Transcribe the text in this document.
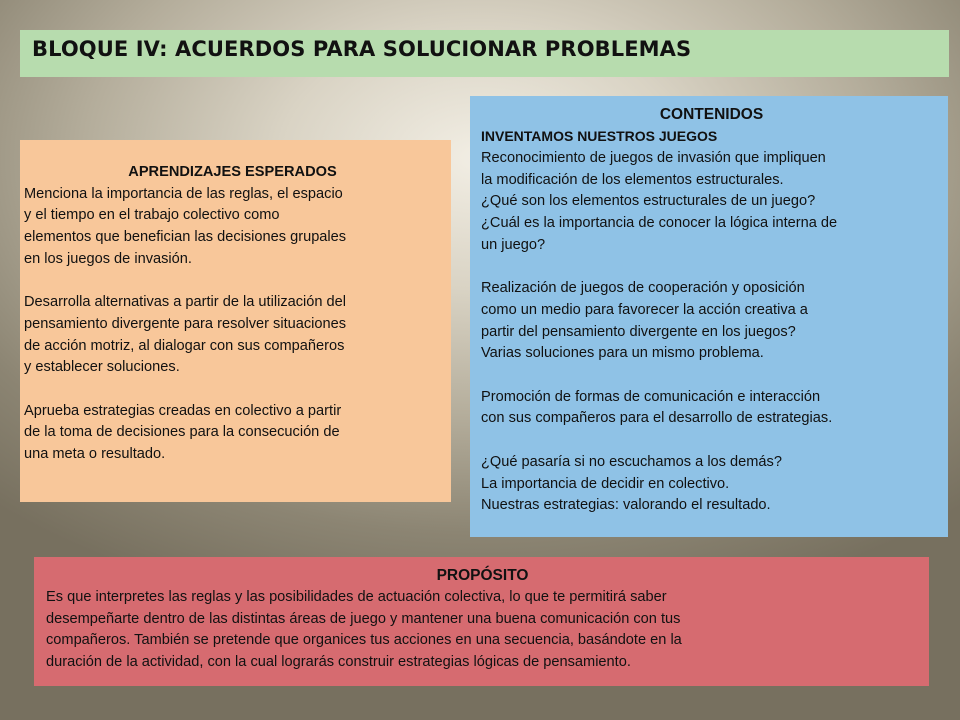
BLOQUE IV: ACUERDOS PARA SOLUCIONAR PROBLEMAS
APRENDIZAJES ESPERADOS

Menciona la importancia de las reglas, el espacio
y el tiempo en el trabajo colectivo como
elementos que benefician las decisiones grupales
en los juegos de invasión.

Desarrolla alternativas a partir de la utilización del
pensamiento divergente para resolver situaciones
de acción motriz, al dialogar con sus compañeros
y establecer soluciones.

Aprueba estrategias creadas en colectivo a partir
de la toma de decisiones para la consecución de
una meta o resultado.

CONTENIDOS
INVENTAMOS NUESTROS JUEGOS

Reconocimiento de juegos de invasión que impliquen
la modificación de los elementos estructurales.
¿Qué son los elementos estructurales de un juego?
¿Cuál es la importancia de conocer la lógica interna de
un juego?

Realización de juegos de cooperación y oposición
como un medio para favorecer la acción creativa a
partir del pensamiento divergente en los juegos?
Varias soluciones para un mismo problema.

Promoción de formas de comunicación e interacción
con sus compañeros para el desarrollo de estrategias.

¿Qué pasaría si no escuchamos a los demás?
La importancia de decidir en colectivo.
Nuestras estrategias: valorando el resultado.

PROPÓSITO

Es que interpretes las reglas y las posibilidades de actuación colectiva, lo que te permitirá saber
desempeñarte dentro de las distintas áreas de juego y mantener una buena comunicación con tus
compañeros. También se pretende que organices tus acciones en una secuencia, basándote en la
duración de la actividad, con la cual lograrás construir estrategias lógicas de pensamiento.
